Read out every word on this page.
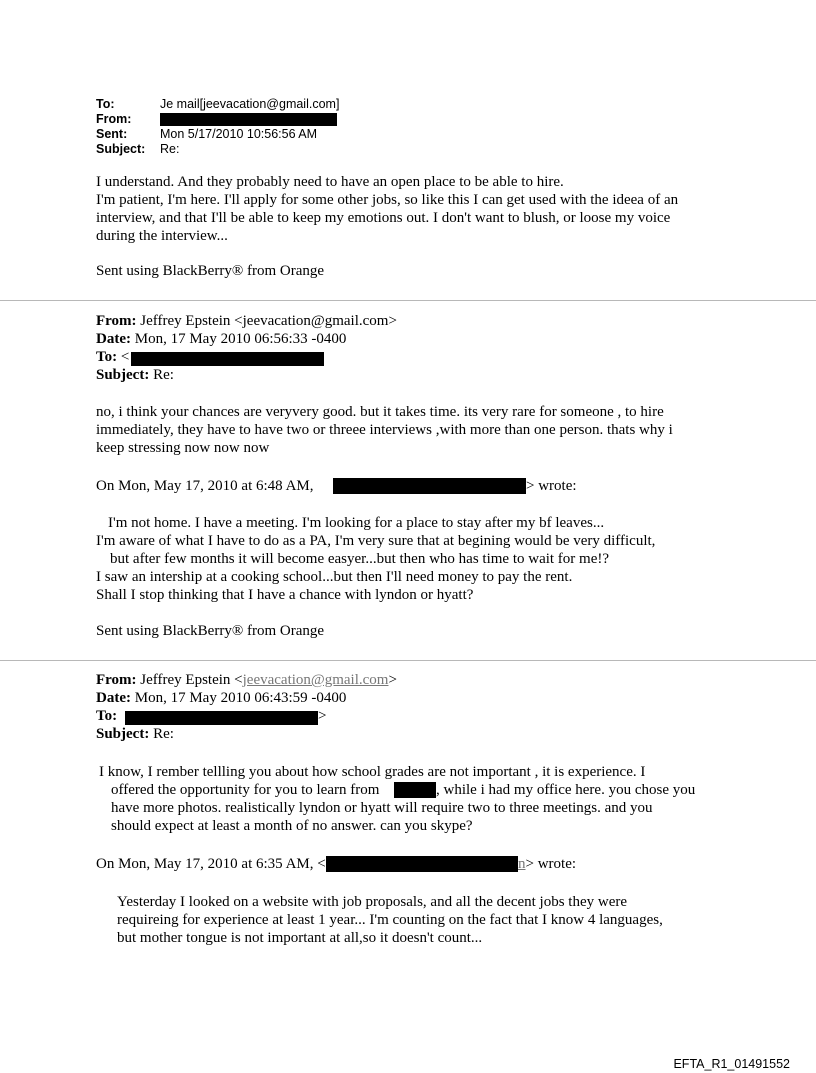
To:	Je mail[jeevacation@gmail.com]
From:
Sent:	Mon 5/17/2010 10:56:56 AM
Subject: Re:
I understand. And they probably need to have an open place to be able to hire.
I'm patient, I'm here. I'll apply for some other jobs, so like this I can get used with the ideea of an
interview, and that I'll be able to keep my emotions out. I don't want to blush, or loose my voice
during the interview...
Sent using BlackBerry® from Orange
From: Jeffrey Epstein <jeevacation@gmail.com>
Date: Mon, 17 May 2010 06:56:33 -0400
To: <
Subject: Re:
no, i think your chances are veryvery good. but it takes time. its very rare for someone , to hire
immediately, they have to have two or threee interviews ,with more than one person. thats why i
keep stressing now now now
On Mon, May 17, 2010 at 6:48 AM,	> wrote:
I'm not home. I have a meeting. I'm looking for a place to stay after my bf leaves...
I'm aware of what I have to do as a PA, I'm very sure that at begining would be very difficult,
but after few months it will become easyer...but then who has time to wait for me!?
I saw an intership at a cooking school...but then I'll need money to pay the rent.
Shall I stop thinking that I have a chance with lyndon or hyatt?
Sent using BlackBerry® from Orange
From: Jeffrey Epstein <jeevacation@gmail.com>
Date: Mon, 17 May 2010 06:43:59 -0400
To:	>
Subject: Re:
I know, I rember tellling you about how school grades are not important , it is experience. I
offered the opportunity for you to learn from	, while i had my office here. you chose you
have more photos. realistically lyndon or hyatt will require two to three meetings. and you
should expect at least a month of no answer. can you skype?
On Mon, May 17, 2010 at 6:35 AM, <	n> wrote:
Yesterday I looked on a website with job proposals, and all the decent jobs they were
requireing for experience at least 1 year... I'm counting on the fact that I know 4 languages,
but mother tongue is not important at all,so it doesn't count...
EFTA_R1_01491552
